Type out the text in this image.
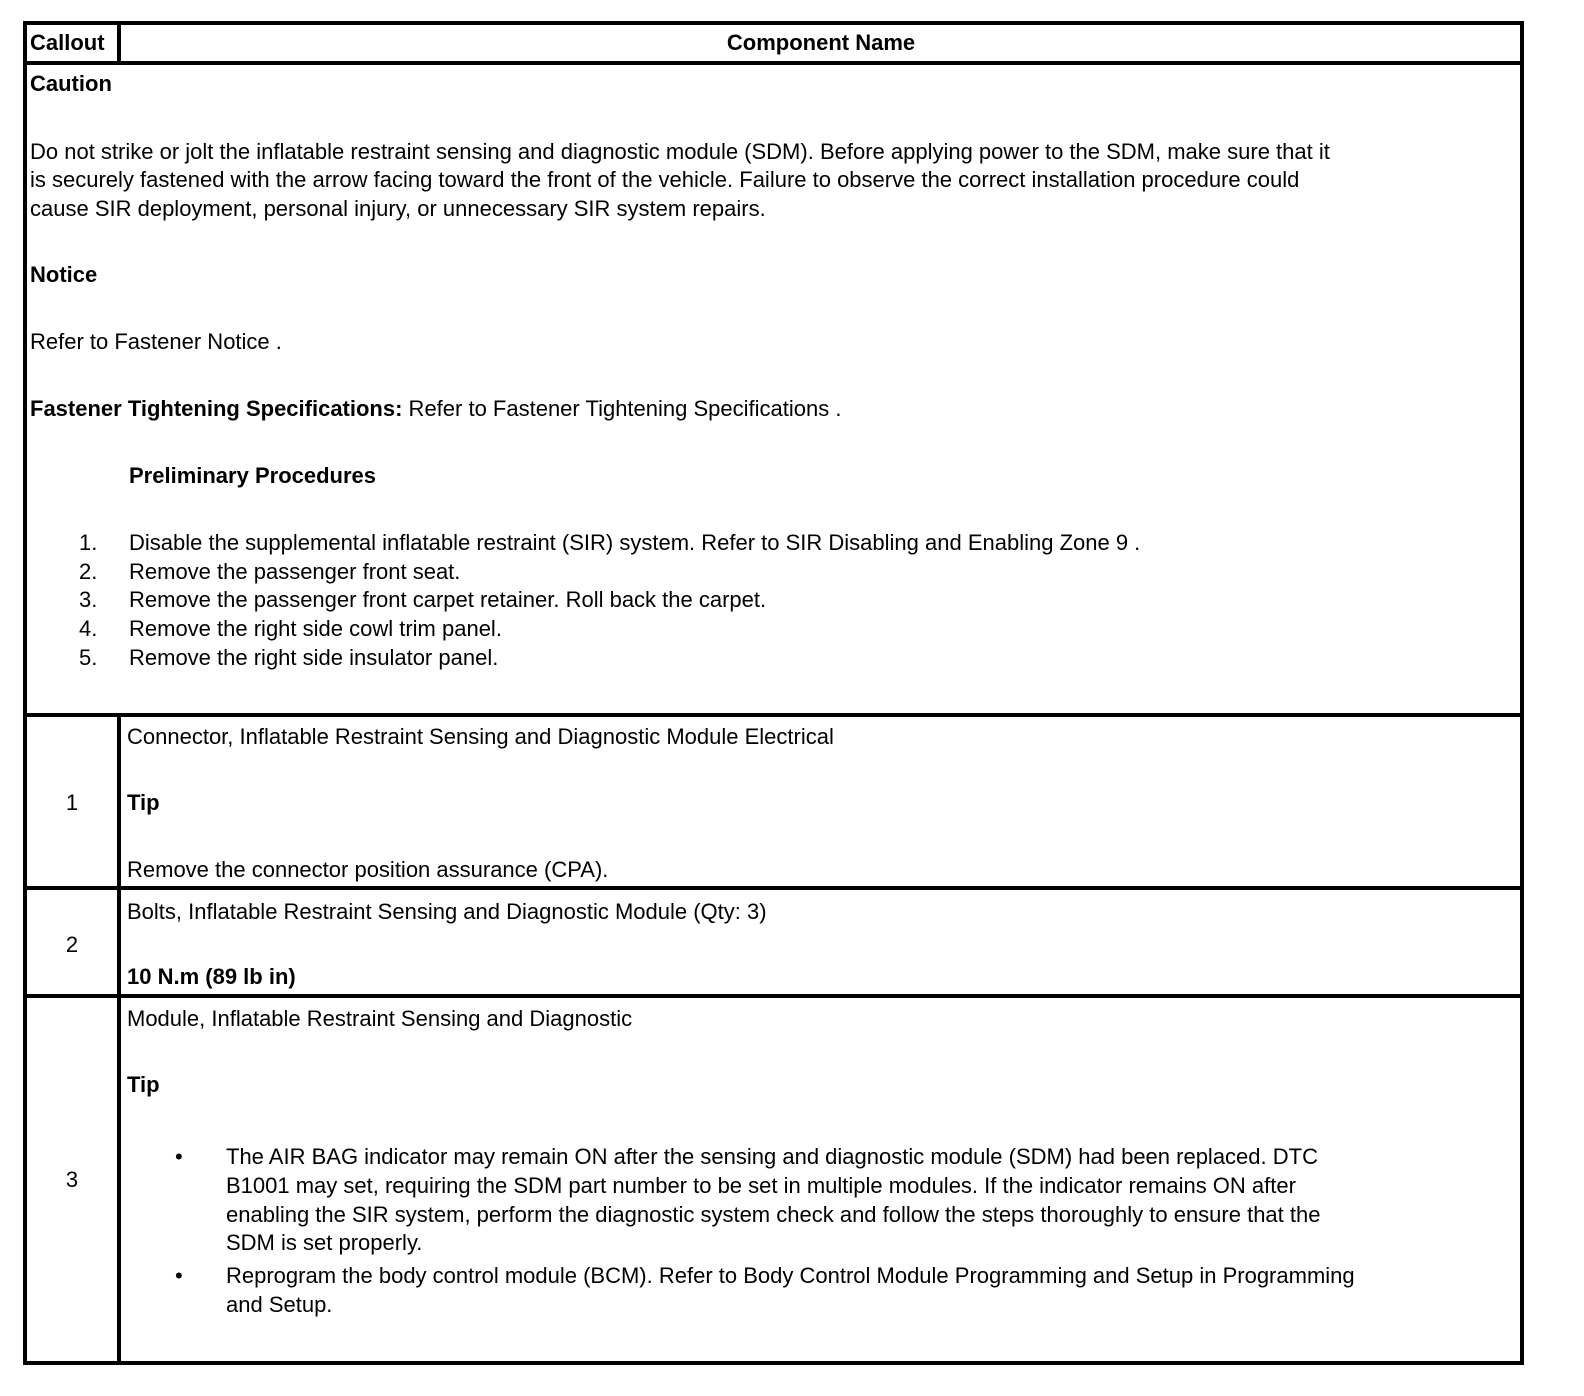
Callout	Component Name
Caution
Do not strike or jolt the inflatable restraint sensing and diagnostic module (SDM). Before applying power to the SDM, make sure that it
is securely fastened with the arrow facing toward the front of the vehicle. Failure to observe the correct installation procedure could
cause SIR deployment, personal injury, or unnecessary SIR system repairs.
Notice
Refer to Fastener Notice .
Fastener Tightening Specifications: Refer to Fastener Tightening Specifications .
Preliminary Procedures
1. Disable the supplemental inflatable restraint (SIR) system. Refer to SIR Disabling and Enabling Zone 9 .
2. Remove the passenger front seat.
3. Remove the passenger front carpet retainer. Roll back the carpet.
4. Remove the right side cowl trim panel.
5. Remove the right side insulator panel.
1
Connector, Inflatable Restraint Sensing and Diagnostic Module Electrical
Tip
Remove the connector position assurance (CPA).
2
Bolts, Inflatable Restraint Sensing and Diagnostic Module (Qty: 3)
10 N.m (89 lb in)
3
Module, Inflatable Restraint Sensing and Diagnostic
Tip
• The AIR BAG indicator may remain ON after the sensing and diagnostic module (SDM) had been replaced. DTC
B1001 may set, requiring the SDM part number to be set in multiple modules. If the indicator remains ON after
enabling the SIR system, perform the diagnostic system check and follow the steps thoroughly to ensure that the
SDM is set properly.
• Reprogram the body control module (BCM). Refer to Body Control Module Programming and Setup in Programming
and Setup.
